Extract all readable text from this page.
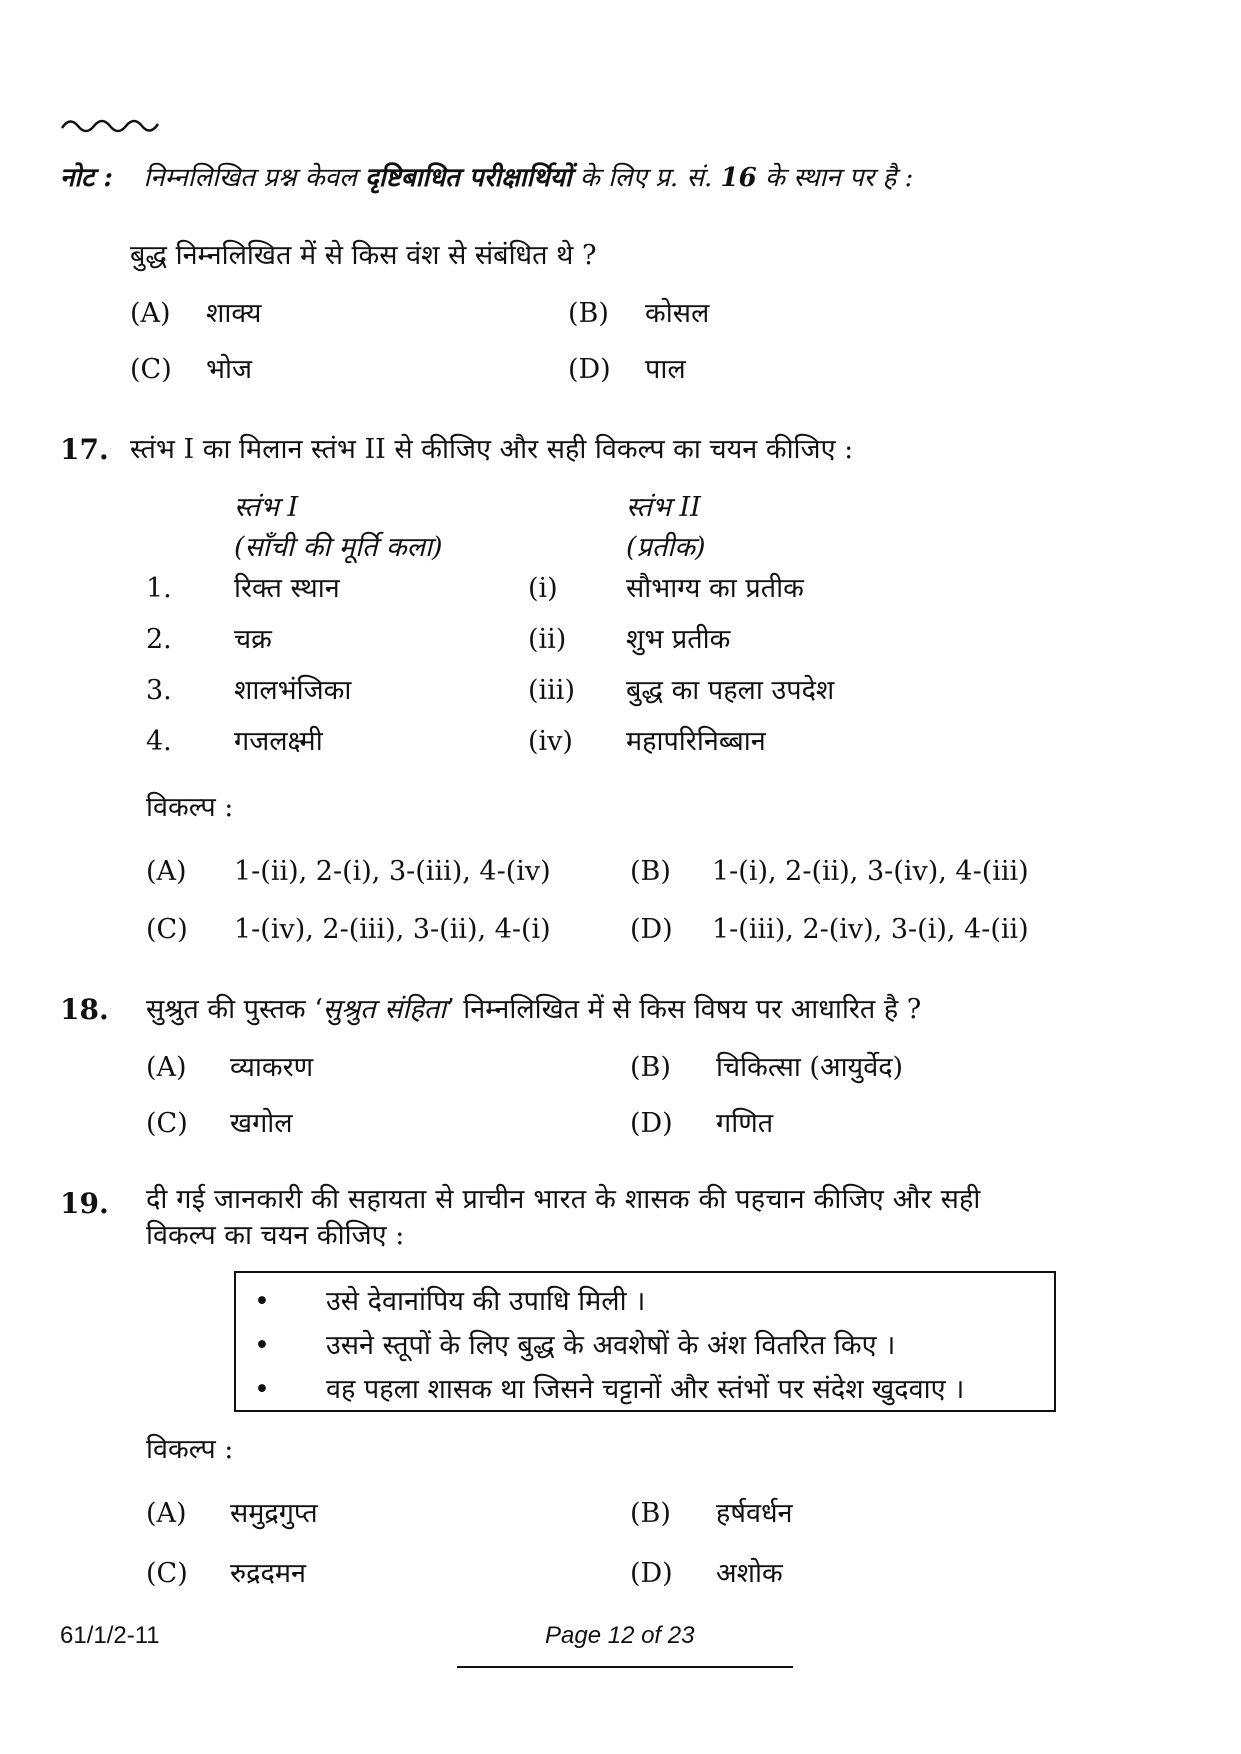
नोट : निम्नलिखित प्रश्न केवल दृष्टिबाधित परीक्षार्थियों के लिए प्र. सं. 16 के स्थान पर है :
बुद्ध निम्नलिखित में से किस वंश से संबंधित थे ?
(A) शाक्य	(B) कोसल
(C) भोज	(D) पाल
17. स्तंभ I का मिलान स्तंभ II से कीजिए और सही विकल्प का चयन कीजिए :
स्तंभ I
(साँची की मूर्ति कला)
स्तंभ II
(प्रतीक)
1. रिक्त स्थान	(i)	सौभाग्य का प्रतीक
2. चक्र	(ii) शुभ प्रतीक
3. शालभंजिका	(iii) बुद्ध का पहला उपदेश
4. गजलक्ष्मी	(iv) महापरिनिब्बान
विकल्प :
(A) 1-(ii), 2-(i), 3-(iii), 4-(iv)	(B) 1-(i), 2-(ii), 3-(iv), 4-(iii)
(C) 1-(iv), 2-(iii), 3-(ii), 4-(i)	(D) 1-(iii), 2-(iv), 3-(i), 4-(ii)
18. सुश्रुत की पुस्तक ‘सुश्रुत संहिता’ निम्नलिखित में से किस विषय पर आधारित है ?
(A) व्याकरण	(B) चिकित्सा (आयुर्वेद)
(C) खगोल	(D) गणित
19. दी गई जानकारी की सहायता से प्राचीन भारत के शासक की पहचान कीजिए और सही
विकल्प का चयन कीजिए :
• उसे देवानांपिय की उपाधि मिली ।
• उसने स्तूपों के लिए बुद्ध के अवशेषों के अंश वितरित किए ।
• वह पहला शासक था जिसने चट्टानों और स्तंभों पर संदेश खुदवाए ।
विकल्प :
(A) समुद्रगुप्त	(B) हर्षवर्धन
(C) रुद्रदमन	(D) अशोक
61/1/2-11	Page 12 of 23
